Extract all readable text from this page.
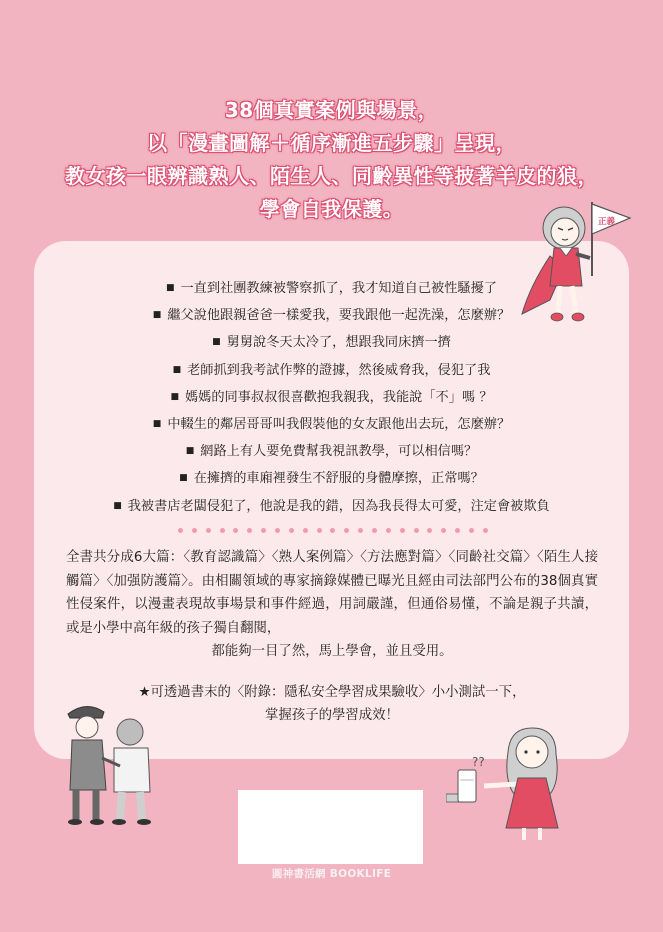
38個真實案例與場景，
以「漫畫圖解＋循序漸進五步驟」呈現，
教女孩一眼辨識熟人、陌生人、同齡異性等披著羊皮的狼，
學會自我保護。
正義
■ 一直到社團教練被警察抓了，我才知道自己被性騷擾了
■ 繼父說他跟親爸爸一樣愛我，要我跟他一起洗澡，怎麼辦？
■ 舅舅說冬天太冷了，想跟我同床擠一擠
■ 老師抓到我考試作弊的證據，然後威脅我，侵犯了我
■ 媽媽的同事叔叔很喜歡抱我親我，我能說「不」嗎 ？
■ 中輟生的鄰居哥哥叫我假裝他的女友跟他出去玩，怎麼辦？
■ 網路上有人要免費幫我視訊教學，可以相信嗎？
■ 在擁擠的車廂裡發生不舒服的身體摩擦，正常嗎？
■ 我被書店老闆侵犯了，他說是我的錯，因為我長得太可愛，注定會被欺負
全書共分成6大篇：〈教育認識篇〉〈熟人案例篇〉〈方法應對篇〉〈同齡社交篇〉〈陌生人接觸篇〉〈加强防護篇〉。由相關領域的專家摘錄媒體已曝光且經由司法部門公布的38個真實性侵案件，以漫畫表現故事場景和事件經過，用詞嚴謹，但通俗易懂，不論是親子共讀，或是小學中高年級的孩子獨自翻閱，
都能夠一目了然，馬上學會，並且受用。
★可透過書末的〈附錄：隱私安全學習成果驗收〉小小測試一下，
掌握孩子的學習成效！
??
圓神書活網 BOOKLIFE
